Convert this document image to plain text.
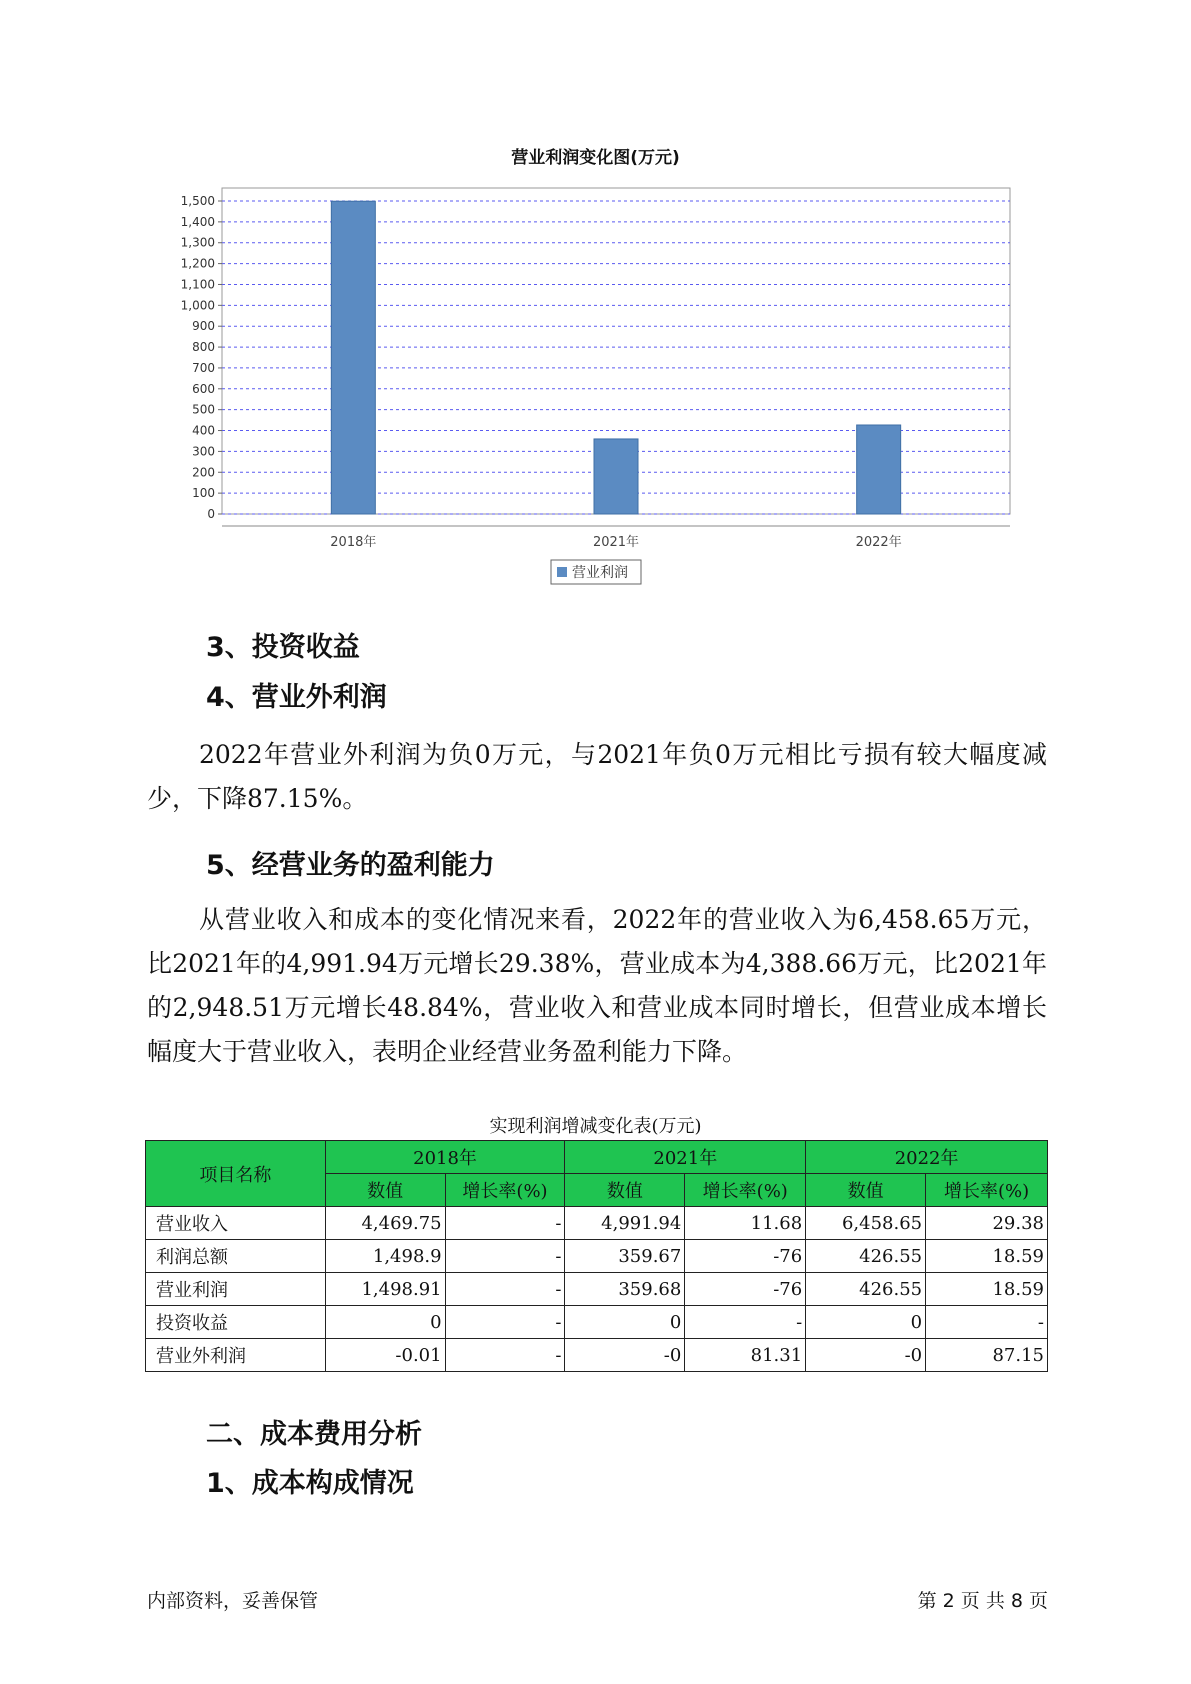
营业利润变化图(万元)
0
100
200
300
400
500
600
700
800
900
1,000
1,100
1,200
1,300
1,400
1,500
2018年	2021年	2022年
营业利润
3、投资收益
4、营业外利润
2022年营业外利润为负0万元，与2021年负0万元相比亏损有较大幅度减少，下降87.15%。
5、经营业务的盈利能力
从营业收入和成本的变化情况来看，2022年的营业收入为6,458.65万元，比2021年的4,991.94万元增长29.38%，营业成本为4,388.66万元，比2021年的2,948.51万元增长48.84%，营业收入和营业成本同时增长，但营业成本增长幅度大于营业收入，表明企业经营业务盈利能力下降。
实现利润增减变化表(万元)
项目名称	2018年		2021年		2022年	
	数值	增长率(%)	数值	增长率(%)	数值	增长率(%)
营业收入	4,469.75	-	4,991.94	11.68	6,458.65	29.38
利润总额	1,498.9	-	359.67	-76	426.55	18.59
营业利润	1,498.91	-	359.68	-76	426.55	18.59
投资收益	0	-	0	-	0	-
营业外利润	-0.01	-	-0	81.31	-0	87.15
二、成本费用分析
1、成本构成情况
内部资料，妥善保管	第 2 页 共 8 页
